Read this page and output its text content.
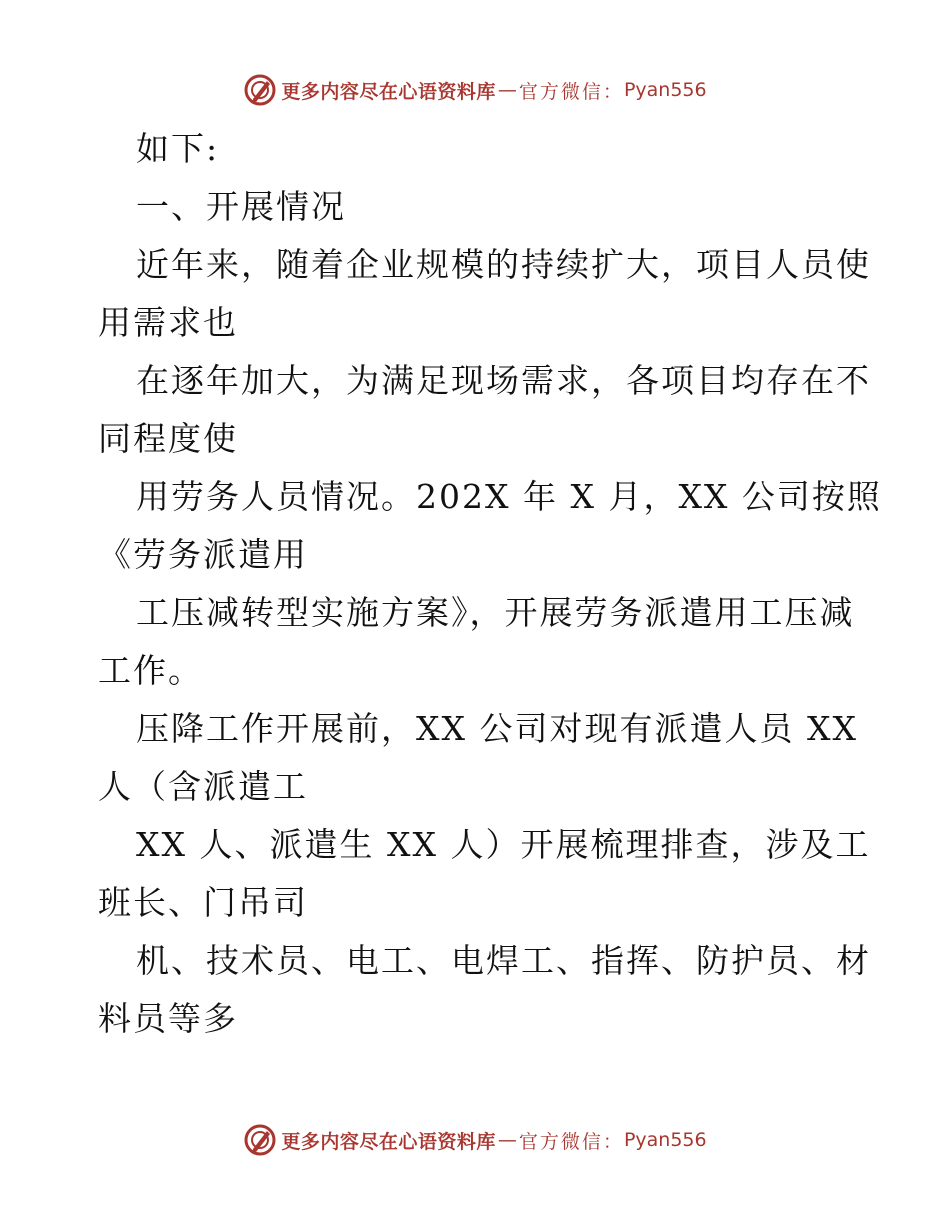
更多内容尽在心语资料库 — 官方微信： Pyan556
如下:
一、开展情况
近年来，随着企业规模的持续扩大，项目人员使
用需求也
在逐年加大，为满足现场需求，各项目均存在不
同程度使
用劳务人员情况。202X 年 X 月，XX 公司按照
《劳务派遣用
工压减转型实施方案》，开展劳务派遣用工压减
工作。
压降工作开展前，XX 公司对现有派遣人员 XX
人（含派遣工
XX 人、派遣生 XX 人）开展梳理排查，涉及工
班长、门吊司
机、技术员、电工、电焊工、指挥、防护员、材
料员等多
更多内容尽在心语资料库 — 官方微信： Pyan556
